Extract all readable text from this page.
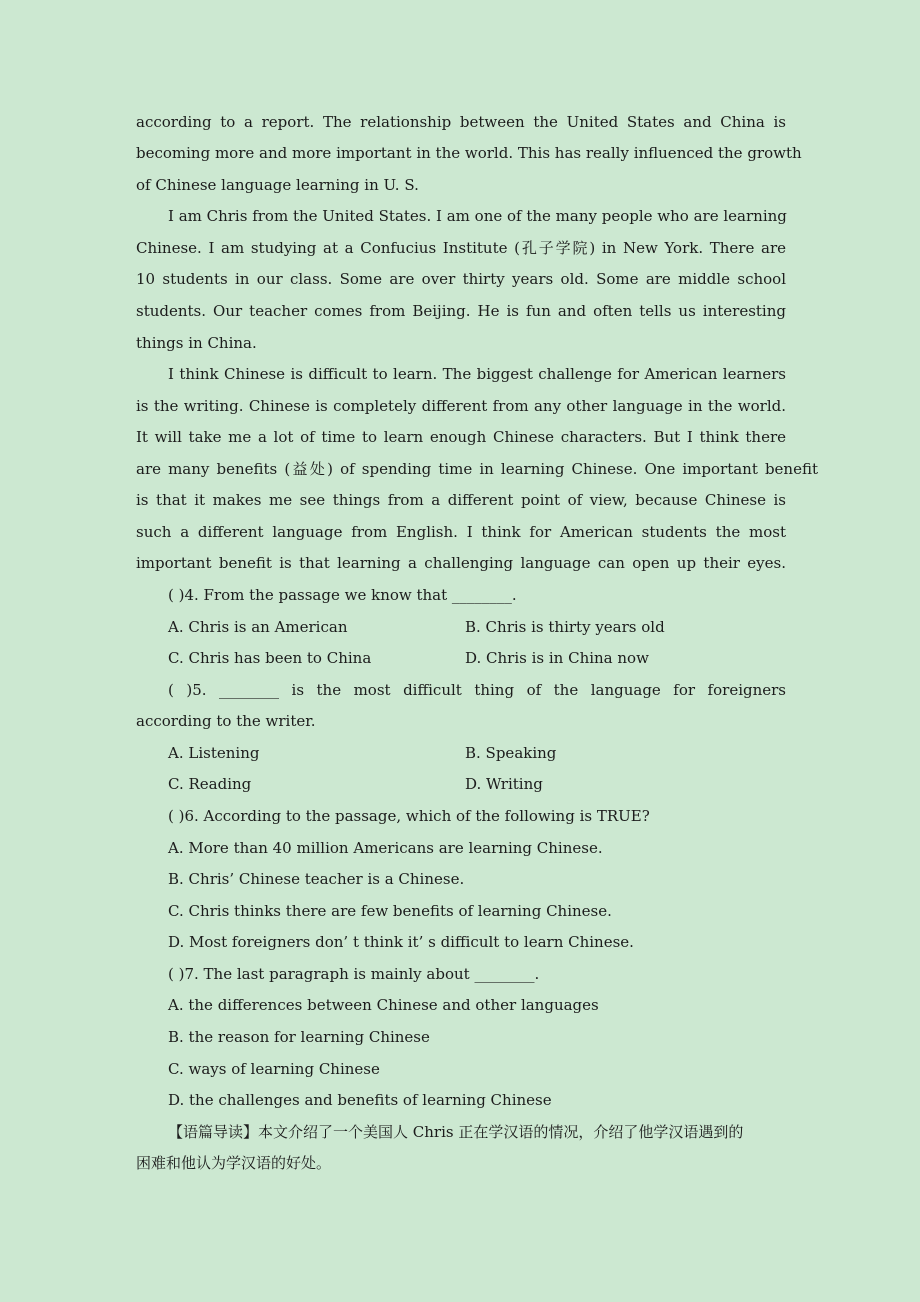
according to a report. The relationship between the United States and China is
becoming more and more important in the world. This has really influenced the growth
of Chinese language learning in U. S.
I am Chris from the United States. I am one of the many people who are learning
Chinese. I am studying at a Confucius Institute (孔子学院) in New York. There are
10 students in our class. Some are over thirty years old. Some are middle school
students. Our teacher comes from Beijing. He is fun and often tells us interesting
things in China.
I think Chinese is difficult to learn. The biggest challenge for American learners
is the writing. Chinese is completely different from any other language in the world.
It will take me a lot of time to learn enough Chinese characters. But I think there
are many benefits (益处) of spending time in learning Chinese. One important benefit
is that it makes me see things from a different point of view, because Chinese is
such a different language from English. I think for American students the most
important benefit is that learning a challenging language can open up their eyes.
( )4. From the passage we know that ________.
A. Chris is an American	B. Chris is thirty years old
C. Chris has been to China	D. Chris is in China now
( )5. ________ is the most difficult thing of the language for foreigners
according to the writer.
A. Listening	B. Speaking
C. Reading	D. Writing
( )6. According to the passage, which of the following is TRUE?
A. More than 40 million Americans are learning Chinese.
B. Chris’ Chinese teacher is a Chinese.
C. Chris thinks there are few benefits of learning Chinese.
D. Most foreigners don’ t think it’ s difficult to learn Chinese.
( )7. The last paragraph is mainly about ________.
A. the differences between Chinese and other languages
B. the reason for learning Chinese
C. ways of learning Chinese
D. the challenges and benefits of learning Chinese
【语篇导读】本文介绍了一个美国人 Chris 正在学汉语的情况，介绍了他学汉语遇到的
困难和他认为学汉语的好处。
